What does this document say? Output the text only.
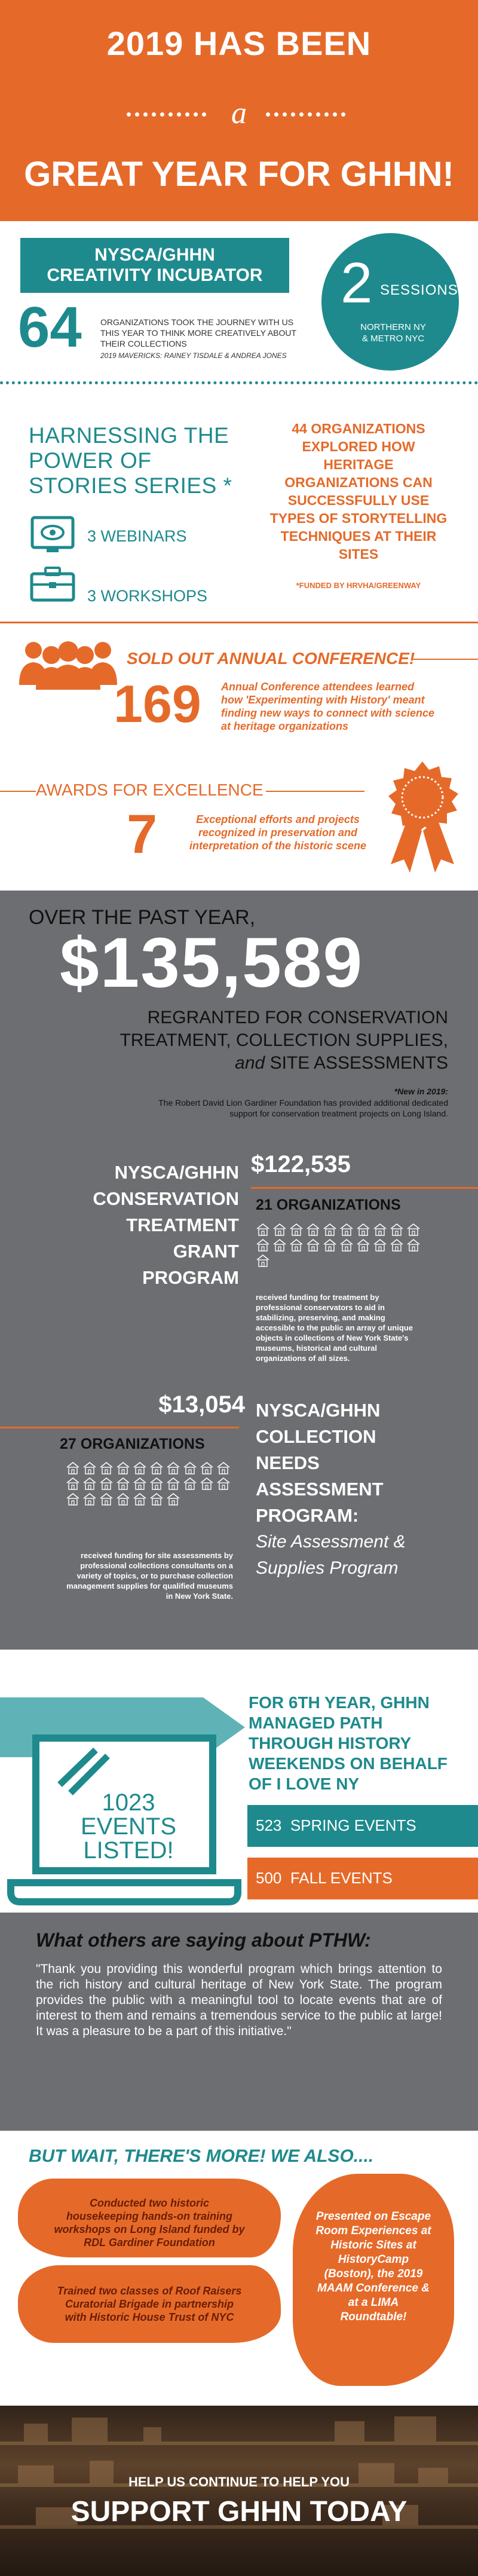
2019 HAS BEEN
a
GREAT YEAR FOR GHHN!
NYSCA/GHHN
CREATIVITY INCUBATOR
64 ORGANIZATIONS TOOK THE JOURNEY WITH US THIS YEAR TO THINK MORE CREATIVELY ABOUT THEIR COLLECTIONS
2019 MAVERICKS: RAINEY TISDALE & ANDREA JONES
2 SESSIONS
NORTHERN NY & METRO NYC
HARNESSING THE POWER OF STORIES SERIES *
3 WEBINARS
3 WORKSHOPS
44 ORGANIZATIONS EXPLORED HOW HERITAGE ORGANIZATIONS CAN SUCCESSFULLY USE TYPES OF STORYTELLING TECHNIQUES AT THEIR SITES
*FUNDED BY HRVHA/GREENWAY
SOLD OUT ANNUAL CONFERENCE!
169 Annual Conference attendees learned how 'Experimenting with History' meant finding new ways to connect with science at heritage organizations
AWARDS FOR EXCELLENCE
7	Exceptional efforts and projects recognized in preservation and interpretation of the historic scene
OVER THE PAST YEAR,
$135,589
REGRANTED FOR CONSERVATION
TREATMENT, COLLECTION SUPPLIES,
and SITE ASSESSMENTS
*New in 2019:
The Robert David Lion Gardiner Foundation has provided additional dedicated support for conservation treatment projects on Long Island.
NYSCA/GHHN
CONSERVATION
TREATMENT
GRANT
PROGRAM
$122,535
21 ORGANIZATIONS
received funding for treatment by professional conservators to aid in stabilizing, preserving, and making accessible to the public an array of unique objects in collections of New York State's museums, historical and cultural organizations of all sizes.
$13,054
27 ORGANIZATIONS
received funding for site assessments by professional collections consultants on a variety of topics, or to purchase collection management supplies for qualified museums in New York State.
NYSCA/GHHN
COLLECTION
NEEDS
ASSESSMENT
PROGRAM:
Site Assessment &
Supplies Program
1023
EVENTS
LISTED!
FOR 6TH YEAR, GHHN MANAGED PATH THROUGH HISTORY WEEKENDS ON BEHALF OF I LOVE NY
523  SPRING EVENTS
500  FALL EVENTS
What others are saying about PTHW:
"Thank you providing this wonderful program which brings attention to the rich history and cultural heritage of New York State. The program provides the public with a meaningful tool to locate events that are of interest to them and remains a tremendous service to the public at large! It was a pleasure to be a part of this initiative."
BUT WAIT, THERE'S MORE! WE ALSO....
Conducted two historic housekeeping hands-on training workshops on Long Island funded by RDL Gardiner Foundation
Trained two classes of Roof Raisers Curatorial Brigade in partnership with Historic House Trust of NYC
Presented on Escape Room Experiences at Historic Sites at HistoryCamp (Boston), the 2019 MAAM Conference & at a LIMA Roundtable!
HELP US CONTINUE TO HELP YOU
SUPPORT GHHN TODAY
